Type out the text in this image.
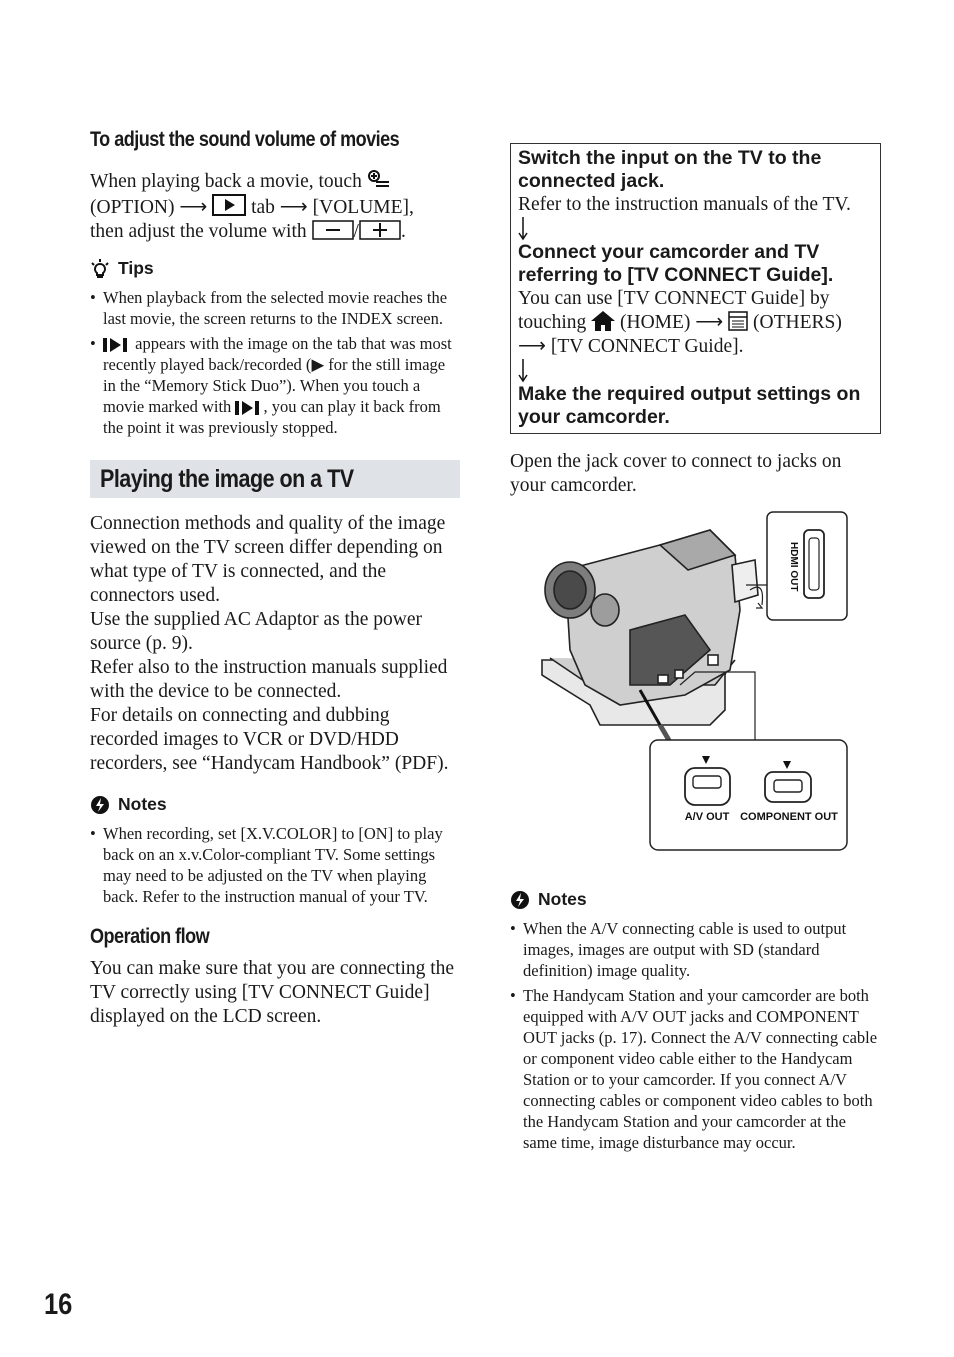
To adjust the sound volume of movies
When playing back a movie, touch
(OPTION) ⟶ tab ⟶ [VOLUME],
then adjust the volume with / .
Tips
• When playback from the selected movie reaches the last movie, the screen returns to the INDEX screen.
• appears with the image on the tab that was most recently played back/recorded (▶ for the still image in the “Memory Stick Duo”). When you touch a movie marked with , you can play it back from the point it was previously stopped.
Playing the image on a TV
Connection methods and quality of the image viewed on the TV screen differ depending on what type of TV is connected, and the connectors used.
Use the supplied AC Adaptor as the power source (p. 9).
Refer also to the instruction manuals supplied with the device to be connected.
For details on connecting and dubbing recorded images to VCR or DVD/HDD recorders, see “Handycam Handbook” (PDF).
Notes
• When recording, set [X.V.COLOR] to [ON] to play back on an x.v.Color-compliant TV. Some settings may need to be adjusted on the TV when playing back. Refer to the instruction manual of your TV.
Operation flow
You can make sure that you are connecting the TV correctly using [TV CONNECT Guide] displayed on the LCD screen.
Switch the input on the TV to the connected jack.
Refer to the instruction manuals of the TV.
Connect your camcorder and TV referring to [TV CONNECT Guide].
You can use [TV CONNECT Guide] by touching (HOME) ⟶ (OTHERS)
⟶ [TV CONNECT Guide].
Make the required output settings on your camcorder.
Open the jack cover to connect to jacks on your camcorder.
HDMI OUT
A/V OUT COMPONENT OUT
Notes
• When the A/V connecting cable is used to output images, images are output with SD (standard definition) image quality.
• The Handycam Station and your camcorder are both equipped with A/V OUT jacks and COMPONENT OUT jacks (p. 17). Connect the A/V connecting cable or component video cable either to the Handycam Station or to your camcorder. If you connect A/V connecting cables or component video cables to both the Handycam Station and your camcorder at the same time, image disturbance may occur.
16
